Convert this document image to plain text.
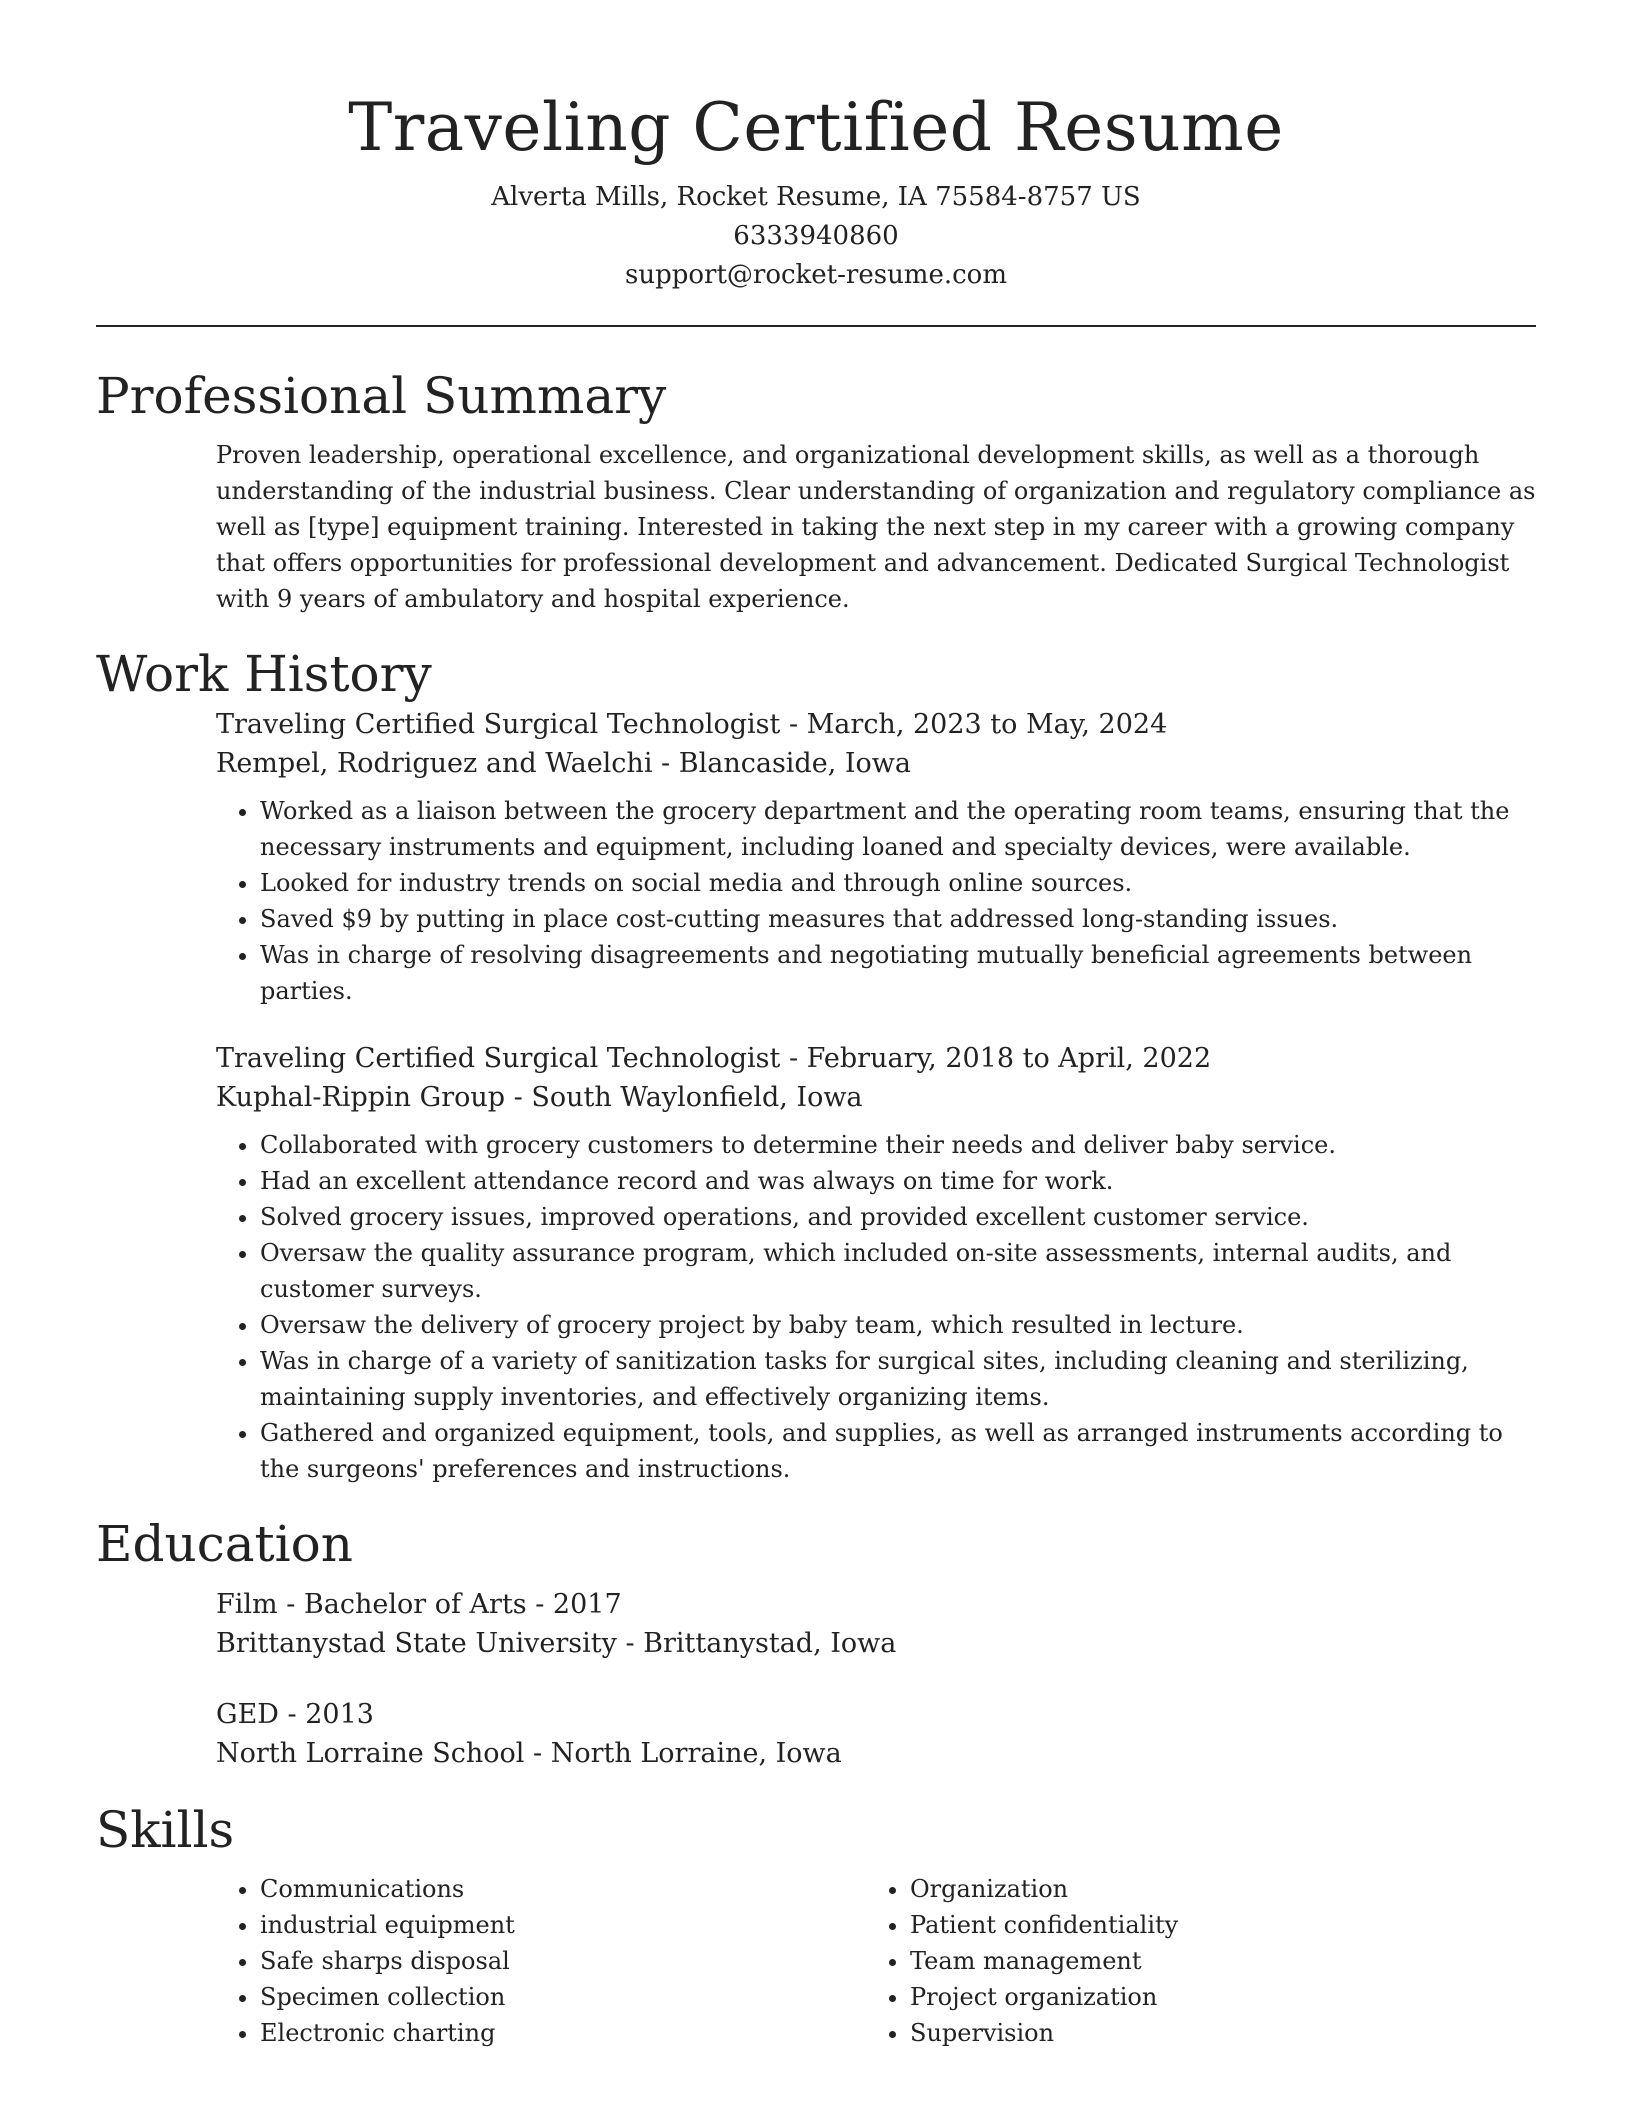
Traveling Certified Resume
Alverta Mills, Rocket Resume, IA 75584-8757 US
6333940860
support@rocket-resume.com
Professional Summary

Proven leadership, operational excellence, and organizational development skills, as well as a thorough understanding of the industrial business. Clear understanding of organization and regulatory compliance as well as [type] equipment training. Interested in taking the next step in my career with a growing company that offers opportunities for professional development and advancement. Dedicated Surgical Technologist with 9 years of ambulatory and hospital experience.

Work History
Traveling Certified Surgical Technologist - March, 2023 to May, 2024
Rempel, Rodriguez and Waelchi - Blancaside, Iowa
• Worked as a liaison between the grocery department and the operating room teams, ensuring that the necessary instruments and equipment, including loaned and specialty devices, were available.
• Looked for industry trends on social media and through online sources.
• Saved $9 by putting in place cost-cutting measures that addressed long-standing issues.
• Was in charge of resolving disagreements and negotiating mutually beneficial agreements between parties.
Traveling Certified Surgical Technologist - February, 2018 to April, 2022
Kuphal-Rippin Group - South Waylonfield, Iowa
• Collaborated with grocery customers to determine their needs and deliver baby service.
• Had an excellent attendance record and was always on time for work.
• Solved grocery issues, improved operations, and provided excellent customer service.
• Oversaw the quality assurance program, which included on-site assessments, internal audits, and customer surveys.
• Oversaw the delivery of grocery project by baby team, which resulted in lecture.
• Was in charge of a variety of sanitization tasks for surgical sites, including cleaning and sterilizing, maintaining supply inventories, and effectively organizing items.
• Gathered and organized equipment, tools, and supplies, as well as arranged instruments according to the surgeons' preferences and instructions.
Education
Film - Bachelor of Arts - 2017
Brittanystad State University - Brittanystad, Iowa
GED - 2013
North Lorraine School - North Lorraine, Iowa
Skills
• Communications
• industrial equipment
• Safe sharps disposal
• Specimen collection
• Electronic charting
• Organization
• Patient confidentiality
• Team management
• Project organization
• Supervision
